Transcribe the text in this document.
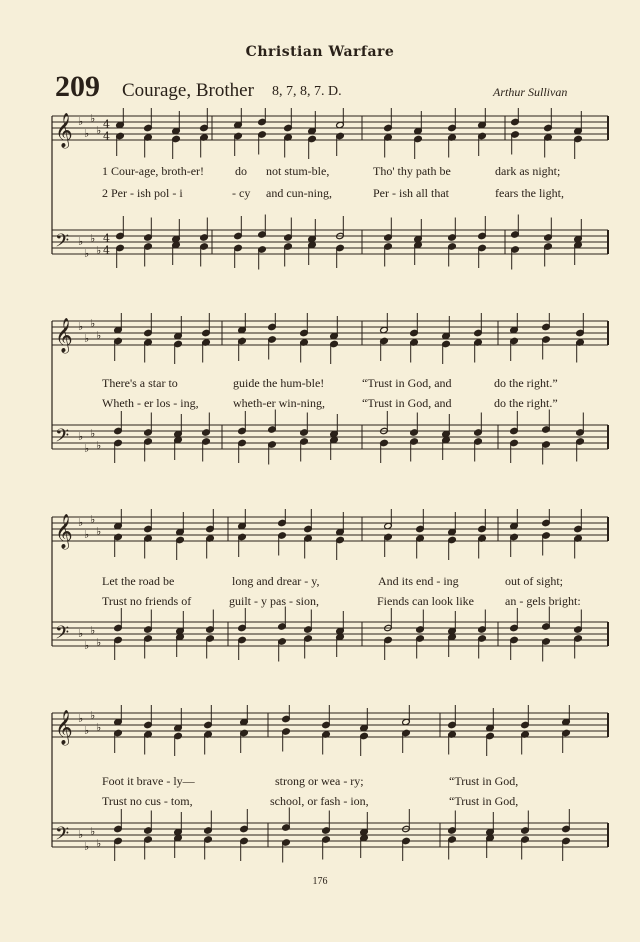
Christian Warfare
209 Courage, Brother 8, 7, 8, 7. D.	Arthur Sullivan
𝄞
𝄢
♭
♭
♭
♭
♭
♭
♭
♭
4
4
4
4
1 Cour-age, broth-er!	do not stum-ble,	Tho' thy path be	dark as night;
2 Per - ish pol - i	- cy and cun-ning,	Per - ish all that	fears the light,
𝄞
𝄢
♭
♭
♭
♭
♭
♭
♭
♭
There's a star to	guide the hum-ble!	“Trust in God, and	do the right.”
Wheth - er los - ing,	wheth-er win-ning,	“Trust in God, and	do the right.”
𝄞
𝄢
♭
♭
♭
♭
♭
♭
♭
♭
Let the road be	long and drear - y,	And its end - ing	out of sight;
Trust no friends of	guilt - y pas - sion,	Fiends can look like	an - gels bright:
𝄞
𝄢
♭
♭
♭
♭
♭
♭
♭
♭
Foot it brave - ly—	strong or wea - ry;	“Trust in God,
Trust no cus - tom,	school, or fash - ion,	“Trust in God,
176
